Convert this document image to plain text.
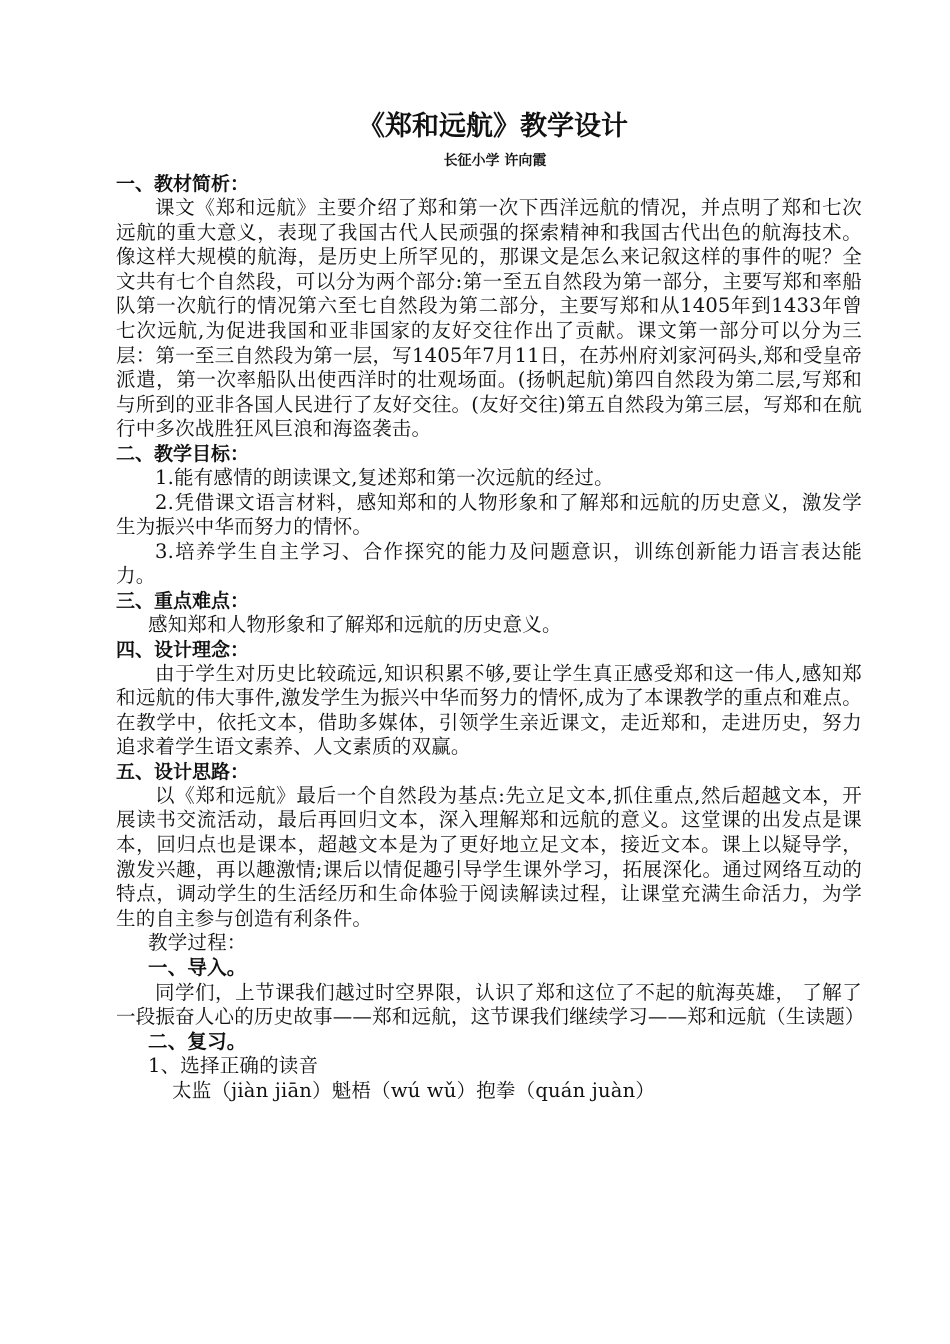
《郑和远航》教学设计

长征小学 许向霞

一、教材简析：

课文《郑和远航》主要介绍了郑和第一次下西洋远航的情况，并点明了郑和七次远航的重大意义，表现了我国古代人民顽强的探索精神和我国古代出色的航海技术。像这样大规模的航海，是历史上所罕见的，那课文是怎么来记叙这样的事件的呢？全文共有七个自然段，可以分为两个部分:第一至五自然段为第一部分，主要写郑和率船队第一次航行的情况第六至七自然段为第二部分，主要写郑和从1405年到1433年曾七次远航,为促进我国和亚非国家的友好交往作出了贡献。课文第一部分可以分为三层：第一至三自然段为第一层，写1405年7月11日，在苏州府刘家河码头,郑和受皇帝派遣，第一次率船队出使西洋时的壮观场面。(扬帆起航)第四自然段为第二层,写郑和与所到的亚非各国人民进行了友好交往。(友好交往)第五自然段为第三层，写郑和在航行中多次战胜狂风巨浪和海盗袭击。

二、教学目标：

1.能有感情的朗读课文,复述郑和第一次远航的经过。

2.凭借课文语言材料，感知郑和的人物形象和了解郑和远航的历史意义，激发学生为振兴中华而努力的情怀。

3.培养学生自主学习、合作探究的能力及问题意识，训练创新能力语言表达能力。

三、重点难点：

感知郑和人物形象和了解郑和远航的历史意义。

四、设计理念：

由于学生对历史比较疏远,知识积累不够,要让学生真正感受郑和这一伟人,感知郑和远航的伟大事件,激发学生为振兴中华而努力的情怀,成为了本课教学的重点和难点。在教学中，依托文本，借助多媒体，引领学生亲近课文，走近郑和，走进历史，努力追求着学生语文素养、人文素质的双赢。

五、设计思路：

以《郑和远航》最后一个自然段为基点:先立足文本,抓住重点,然后超越文本，开展读书交流活动，最后再回归文本，深入理解郑和远航的意义。这堂课的出发点是课本，回归点也是课本，超越文本是为了更好地立足文本，接近文本。课上以疑导学，激发兴趣，再以趣激情;课后以情促趣引导学生课外学习，拓展深化。通过网络互动的特点，调动学生的生活经历和生命体验于阅读解读过程，让课堂充满生命活力，为学生的自主参与创造有利条件。

教学过程：

一、导入。

同学们，上节课我们越过时空界限，认识了郑和这位了不起的航海英雄， 了解了一段振奋人心的历史故事——郑和远航，这节课我们继续学习——郑和远航（生读题）

二、复习。

1、选择正确的读音

太监（jiàn jiān）魁梧（wú wǔ）抱拳（quán juàn）
